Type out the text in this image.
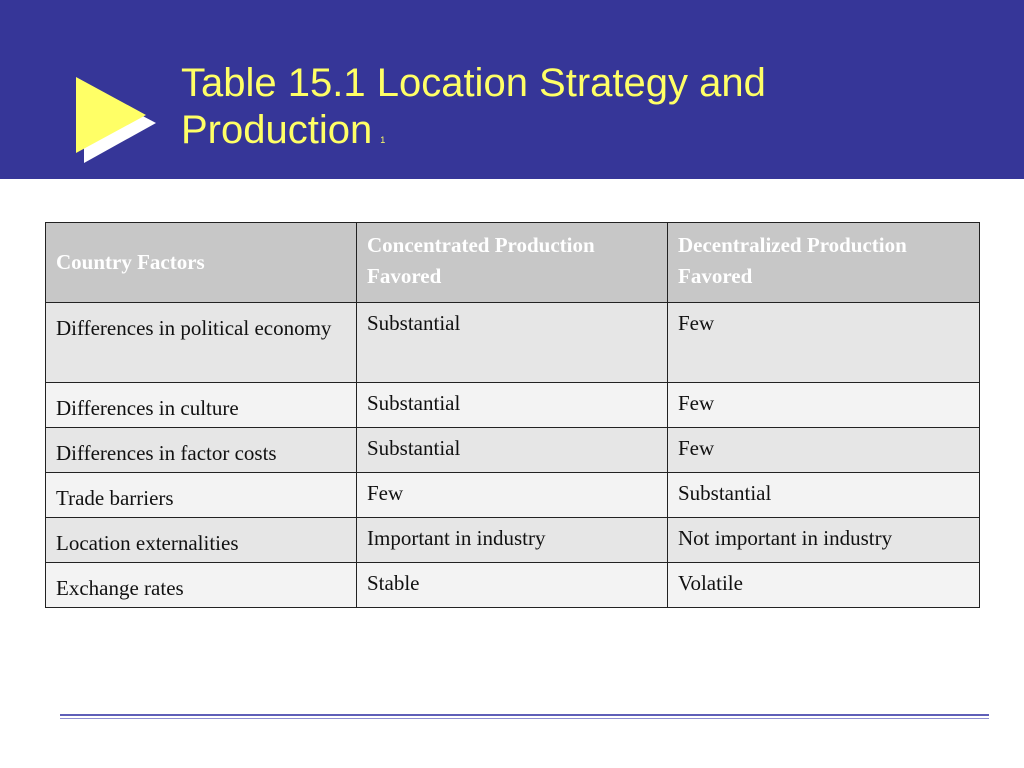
Table 15.1 Location Strategy and
Production 1
Country Factors	Concentrated Production Favored	Decentralized Production Favored
Differences in political economy	Substantial	Few
Differences in culture	Substantial	Few
Differences in factor costs	Substantial	Few
Trade barriers	Few	Substantial
Location externalities	Important in industry	Not important in industry
Exchange rates	Stable	Volatile
